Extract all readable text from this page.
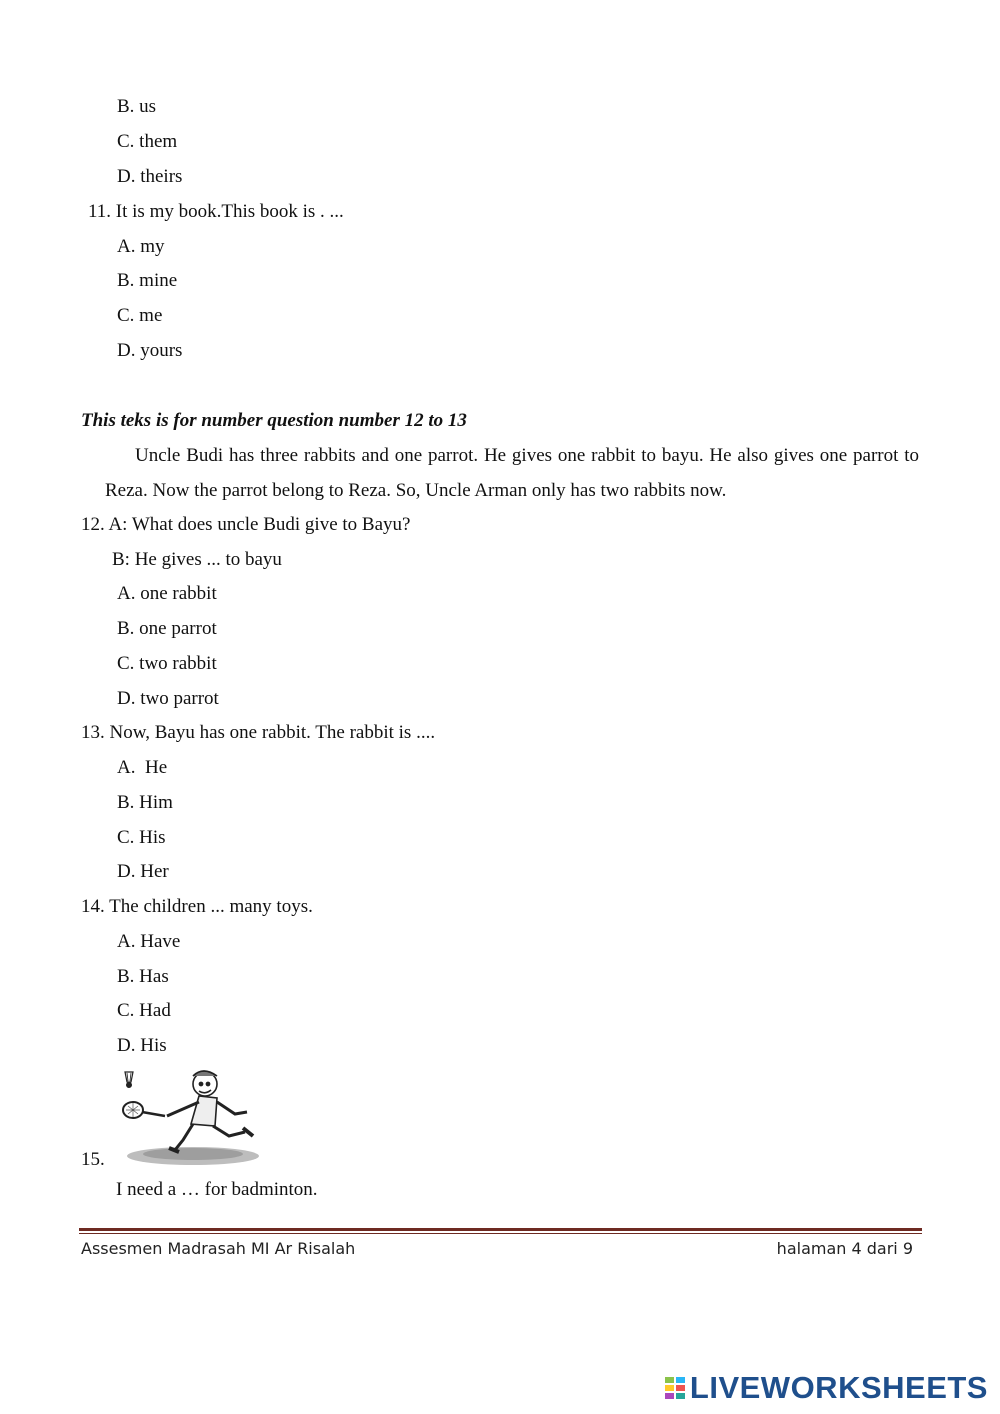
B. us
C. them
D. theirs
11. It is my book.This book is . ...
A. my
B. mine
C. me
D. yours
This teks is for number question number 12 to 13
Uncle Budi has three rabbits and one parrot. He gives one rabbit to bayu. He also gives one parrot to Reza. Now the parrot belong to Reza. So, Uncle Arman only has two rabbits now.
12. A: What does uncle Budi give to Bayu?
B: He gives ... to bayu
A. one rabbit
B. one parrot
C. two rabbit
D. two parrot
13. Now, Bayu has one rabbit. The rabbit is ....
A.  He
B. Him
C. His
D. Her
14. The children ... many toys.
A. Have
B. Has
C. Had
D. His
15.
I need a … for badminton.
Assesmen Madrasah MI Ar Risalah	halaman 4 dari 9
LIVEWORKSHEETS
